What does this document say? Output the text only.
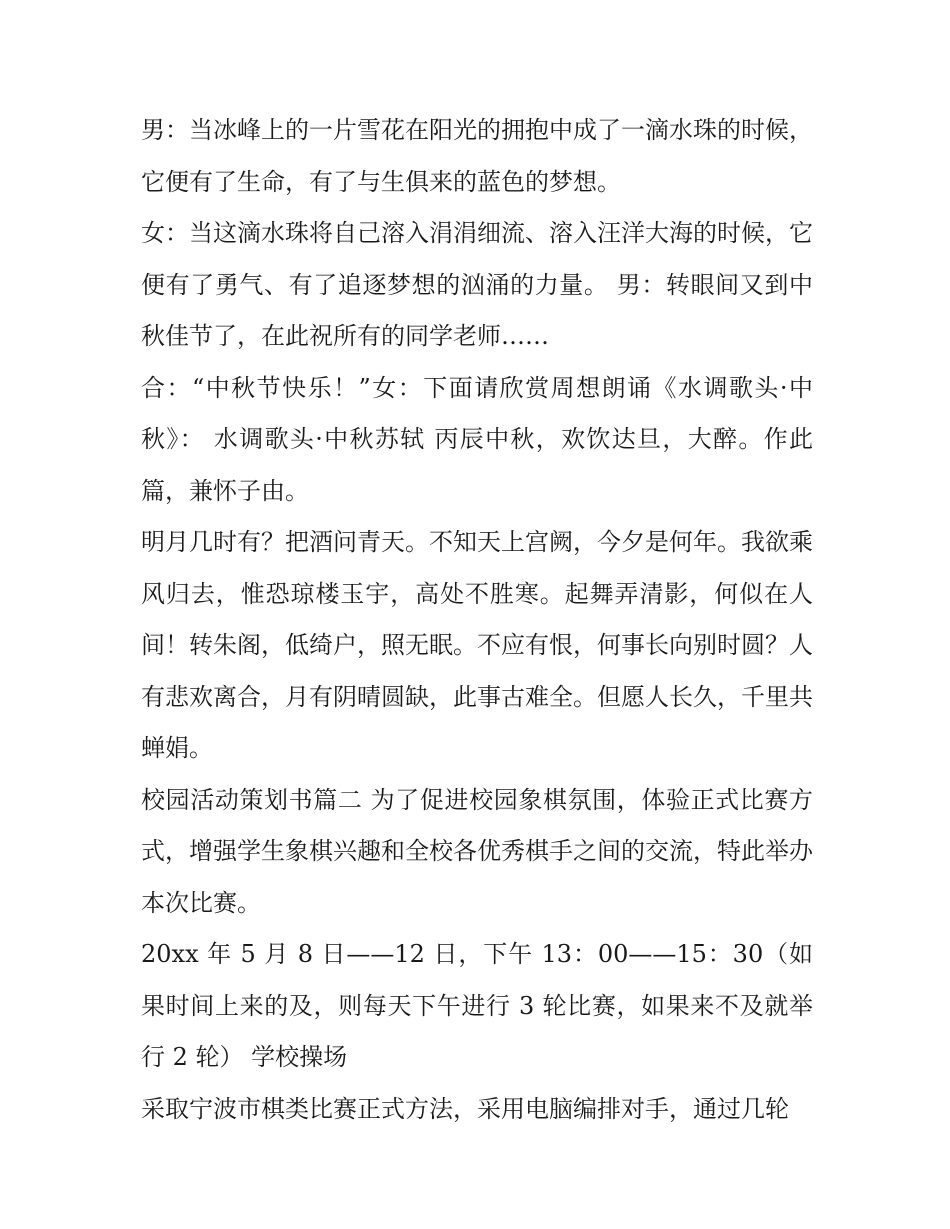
男：当冰峰上的一片雪花在阳光的拥抱中成了一滴水珠的时候，它便有了生命，有了与生俱来的蓝色的梦想。

女：当这滴水珠将自己溶入涓涓细流、溶入汪洋大海的时候，它便有了勇气、有了追逐梦想的汹涌的力量。 男：转眼间又到中秋佳节了，在此祝所有的同学老师……

合：“中秋节快乐！”女：下面请欣赏周想朗诵《水调歌头·中秋》： 水调歌头·中秋苏轼 丙辰中秋，欢饮达旦，大醉。作此篇，兼怀子由。

明月几时有？把酒问青天。不知天上宫阙，今夕是何年。我欲乘风归去，惟恐琼楼玉宇，高处不胜寒。起舞弄清影，何似在人间！转朱阁，低绮户，照无眠。不应有恨，何事长向别时圆？人有悲欢离合，月有阴晴圆缺，此事古难全。但愿人长久，千里共蝉娟。

校园活动策划书篇二 为了促进校园象棋氛围，体验正式比赛方式，增强学生象棋兴趣和全校各优秀棋手之间的交流，特此举办本次比赛。

20xx 年 5 月 8 日——12 日，下午 13：00——15：30（如果时间上来的及，则每天下午进行 3 轮比赛，如果来不及就举行 2 轮） 学校操场

采取宁波市棋类比赛正式方法，采用电脑编排对手，通过几轮
